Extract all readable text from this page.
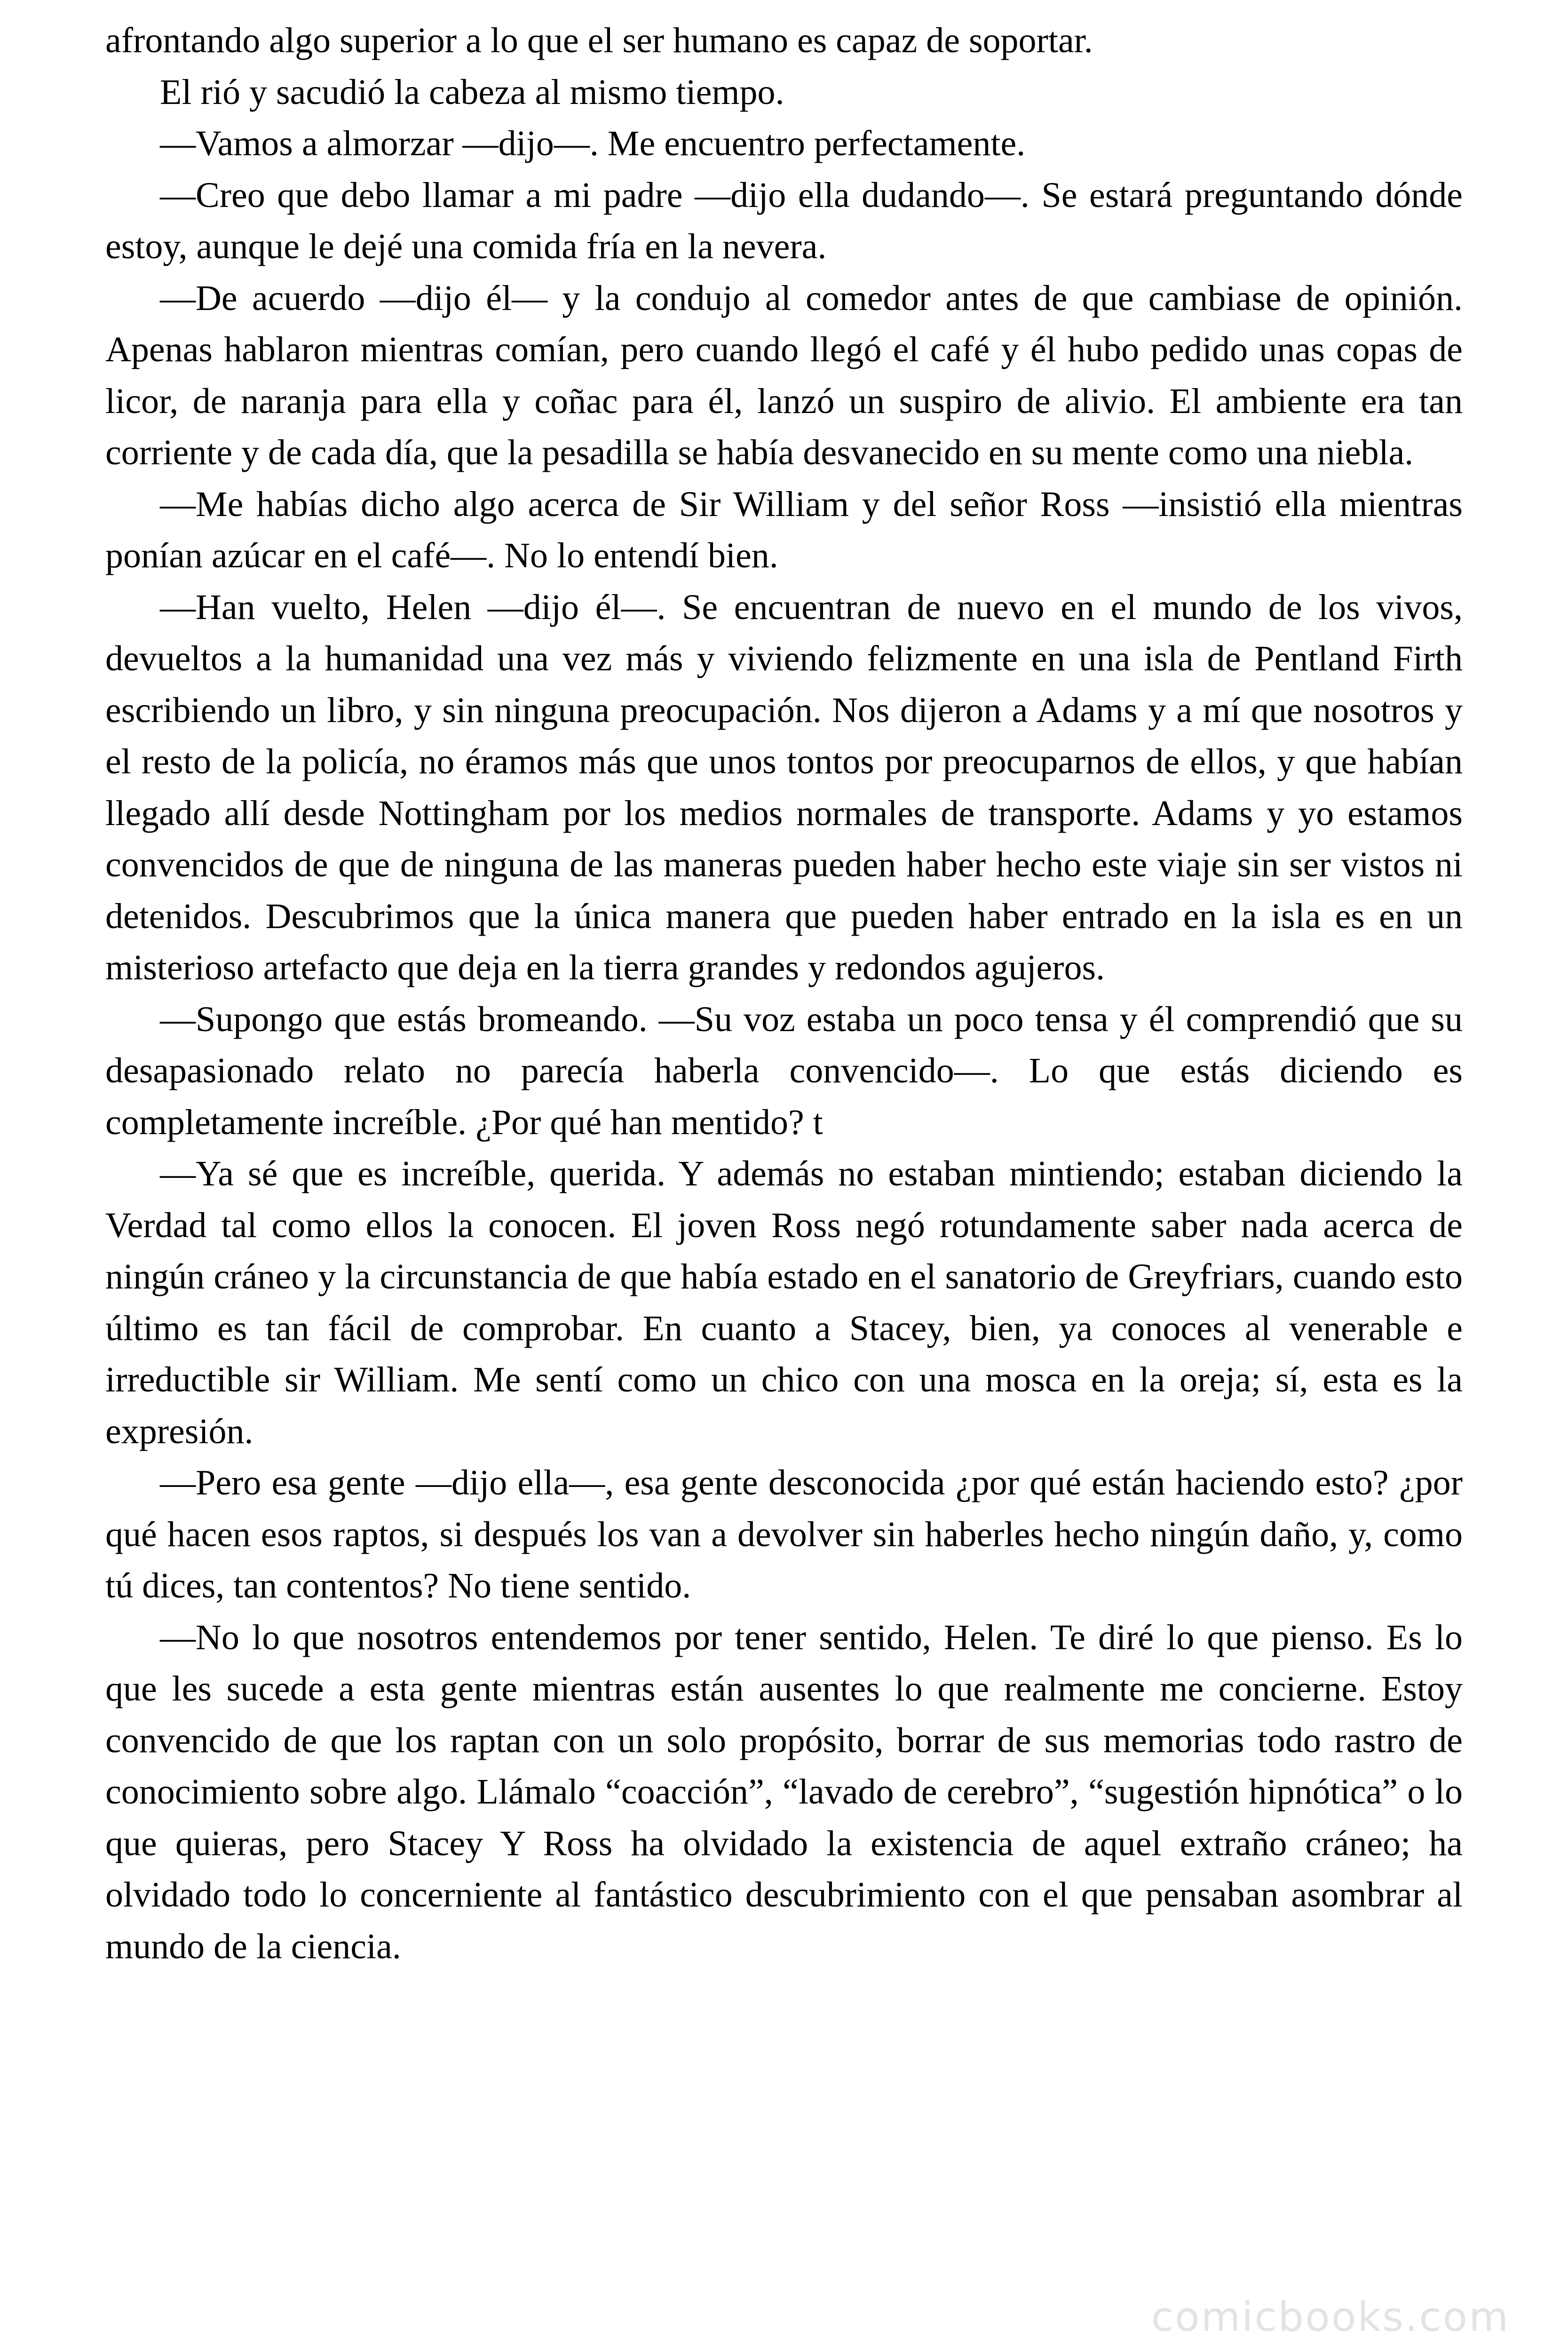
afrontando algo superior a lo que el ser humano es capaz de soportar.

El rió y sacudió la cabeza al mismo tiempo.

—Vamos a almorzar —dijo—. Me encuentro perfectamente.

—Creo que debo llamar a mi padre —dijo ella dudando—. Se estará preguntando dónde estoy, aunque le dejé una comida fría en la nevera.

—De acuerdo —dijo él— y la condujo al comedor antes de que cambiase de opinión. Apenas hablaron mientras comían, pero cuando llegó el café y él hubo pedido unas copas de licor, de naranja para ella y coñac para él, lanzó un suspiro de alivio. El ambiente era tan corriente y de cada día, que la pesadilla se había desvanecido en su mente como una niebla.

—Me habías dicho algo acerca de Sir William y del señor Ross —insistió ella mientras ponían azúcar en el café—. No lo entendí bien.

—Han vuelto, Helen —dijo él—. Se encuentran de nuevo en el mundo de los vivos, devueltos a la humanidad una vez más y viviendo felizmente en una isla de Pentland Firth escribiendo un libro, y sin ninguna preocupación. Nos dijeron a Adams y a mí que nosotros y el resto de la policía, no éramos más que unos tontos por preocuparnos de ellos, y que habían llegado allí desde Nottingham por los medios normales de transporte. Adams y yo estamos convencidos de que de ninguna de las maneras pueden haber hecho este viaje sin ser vistos ni detenidos. Descubrimos que la única manera que pueden haber entrado en la isla es en un misterioso artefacto que deja en la tierra grandes y redondos agujeros.

—Supongo que estás bromeando. —Su voz estaba un poco tensa y él comprendió que su desapasionado relato no parecía haberla convencido—. Lo que estás diciendo es completamente increíble. ¿Por qué han mentido? t

—Ya sé que es increíble, querida. Y además no estaban mintiendo; estaban diciendo la Verdad tal como ellos la conocen. El joven Ross negó rotundamente saber nada acerca de ningún cráneo y la circunstancia de que había estado en el sanatorio de Greyfriars, cuando esto último es tan fácil de comprobar. En cuanto a Stacey, bien, ya conoces al venerable e irreductible sir William. Me sentí como un chico con una mosca en la oreja; sí, esta es la expresión.

—Pero esa gente —dijo ella—, esa gente desconocida ¿por qué están haciendo esto? ¿por qué hacen esos raptos, si después los van a devolver sin haberles hecho ningún daño, y, como tú dices, tan contentos? No tiene sentido.

—No lo que nosotros entendemos por tener sentido, Helen. Te diré lo que pienso. Es lo que les sucede a esta gente mientras están ausentes lo que realmente me concierne. Estoy convencido de que los raptan con un solo propósito, borrar de sus memorias todo rastro de conocimiento sobre algo. Llámalo “coacción”, “lavado de cerebro”, “sugestión hipnótica” o lo que quieras, pero Stacey Y Ross ha olvidado la existencia de aquel extraño cráneo; ha olvidado todo lo concerniente al fantástico descubrimiento con el que pensaban asombrar al mundo de la ciencia.

comicbooks.com
